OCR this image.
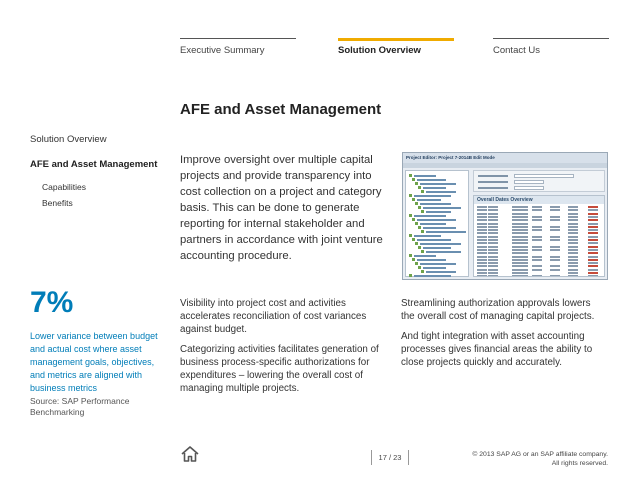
Executive Summary	Solution Overview	Contact Us
AFE and Asset Management
Solution Overview
AFE and Asset Management
Capabilities
Benefits
7%
Lower variance between budget and actual cost where asset management goals, objectives, and metrics are aligned with business metrics
Source: SAP Performance Benchmarking
Improve oversight over multiple capital projects and provide transparency into cost collection on a project and category basis. This can be done to generate reporting for internal stakeholder and partners in accordance with joint venture accounting procedure.
Project Editor: Project 7-2014B Edit Mode
Overall Dates Overview

Visibility into project cost and activities accelerates reconciliation of cost variances against budget.

Categorizing activities facilitates generation of business process-specific authorizations for expenditures – lowering the overall cost of managing multiple projects.

Streamlining authorization approvals lowers the overall cost of managing capital projects.

And tight integration with asset accounting processes gives financial areas the ability to close projects quickly and accurately.

17 / 23	© 2013 SAP AG or an SAP affiliate company.
All rights reserved.
